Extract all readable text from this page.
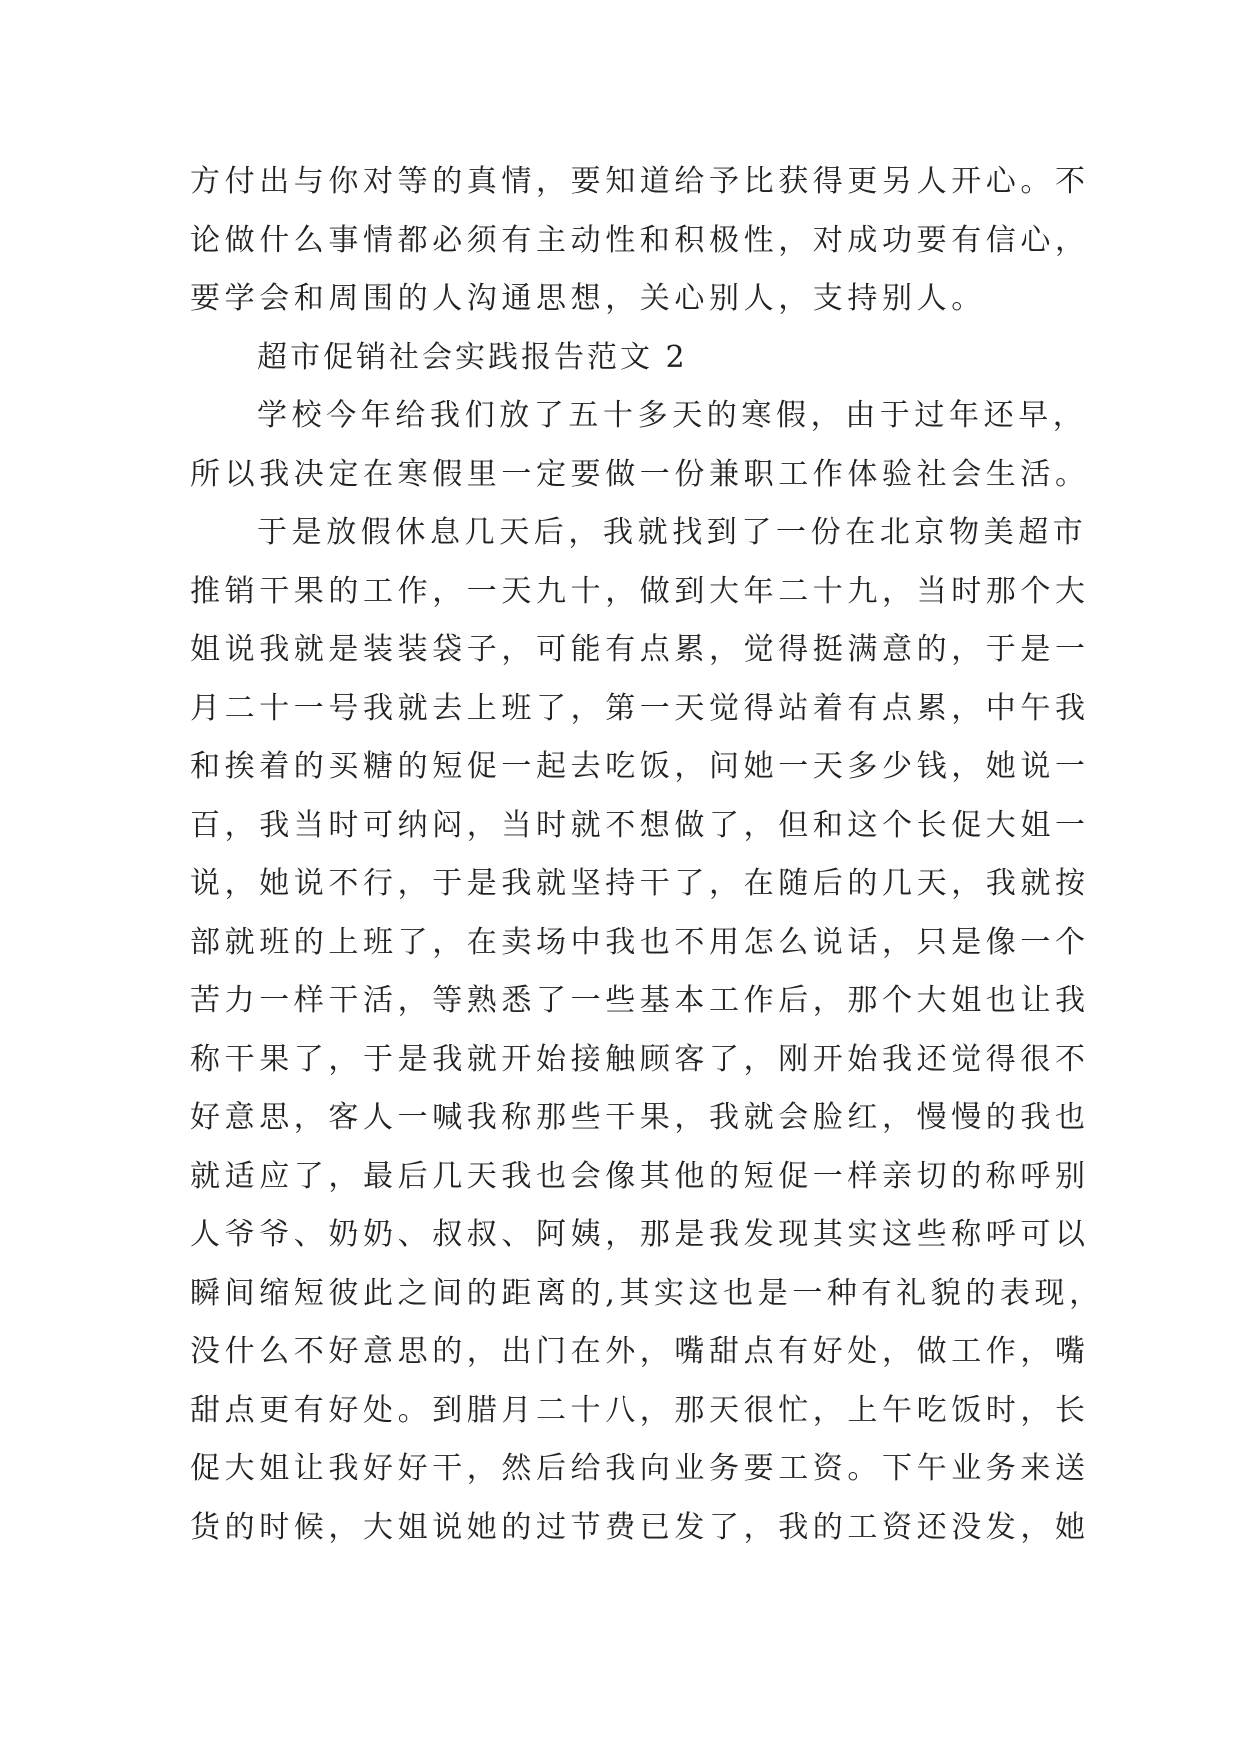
方付出与你对等的真情，要知道给予比获得更另人开心。不
论做什么事情都必须有主动性和积极性，对成功要有信心，
要学会和周围的人沟通思想，关心别人，支持别人。
超市促销社会实践报告范文 2
学校今年给我们放了五十多天的寒假，由于过年还早，
所以我决定在寒假里一定要做一份兼职工作体验社会生活。
于是放假休息几天后，我就找到了一份在北京物美超市
推销干果的工作，一天九十，做到大年二十九，当时那个大
姐说我就是装装袋子，可能有点累，觉得挺满意的，于是一
月二十一号我就去上班了，第一天觉得站着有点累，中午我
和挨着的买糖的短促一起去吃饭，问她一天多少钱，她说一
百，我当时可纳闷，当时就不想做了，但和这个长促大姐一
说，她说不行，于是我就坚持干了，在随后的几天，我就按
部就班的上班了，在卖场中我也不用怎么说话，只是像一个
苦力一样干活，等熟悉了一些基本工作后，那个大姐也让我
称干果了，于是我就开始接触顾客了，刚开始我还觉得很不
好意思，客人一喊我称那些干果，我就会脸红，慢慢的我也
就适应了，最后几天我也会像其他的短促一样亲切的称呼别
人爷爷、奶奶、叔叔、阿姨，那是我发现其实这些称呼可以
瞬间缩短彼此之间的距离的,其实这也是一种有礼貌的表现，
没什么不好意思的，出门在外，嘴甜点有好处，做工作，嘴
甜点更有好处。到腊月二十八，那天很忙，上午吃饭时，长
促大姐让我好好干，然后给我向业务要工资。下午业务来送
货的时候，大姐说她的过节费已发了，我的工资还没发，她
